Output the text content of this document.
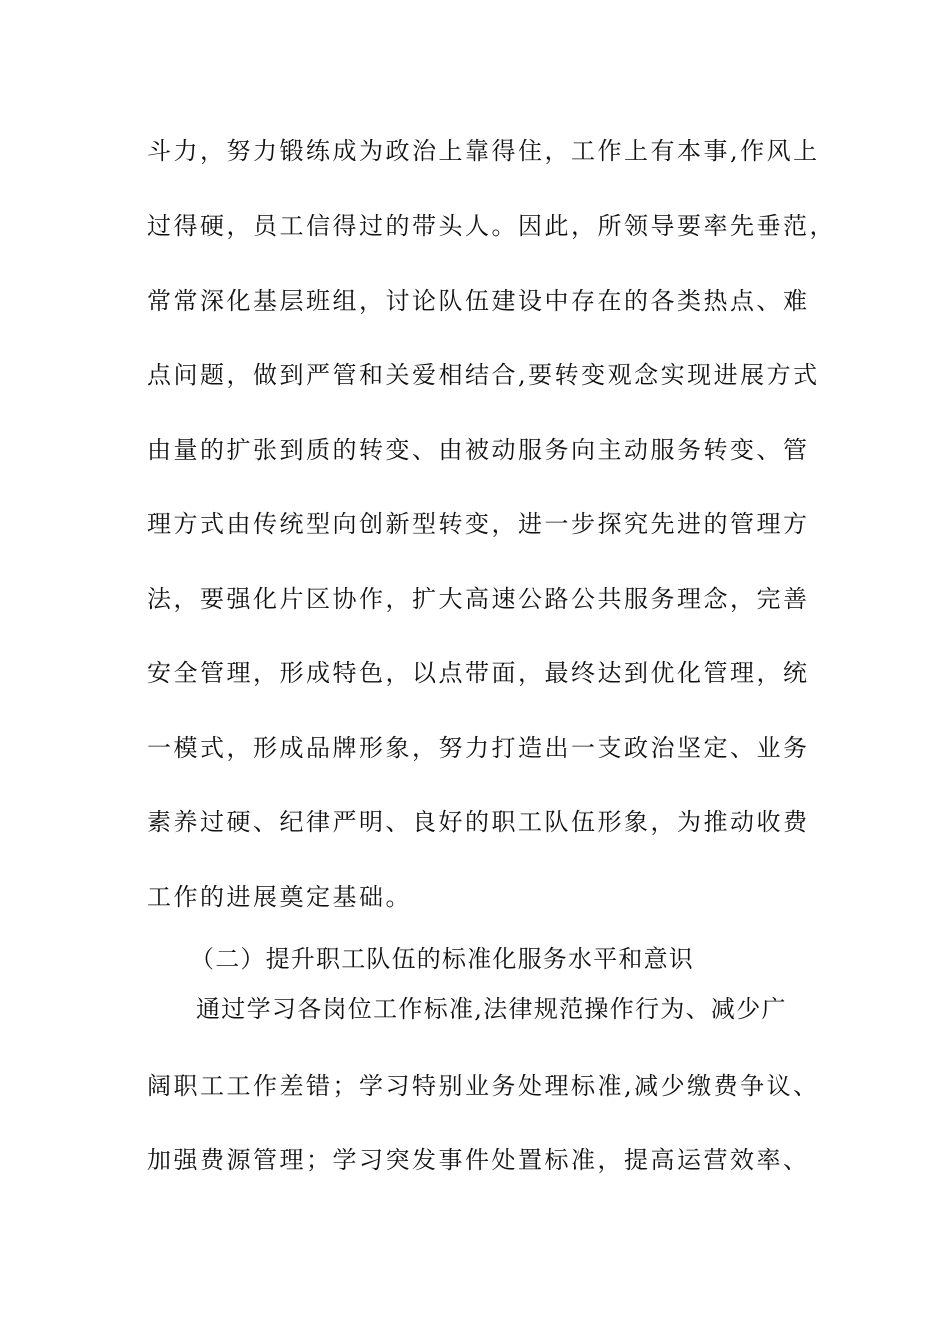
斗力，努力锻练成为政治上靠得住，工作上有本事,作风上
过得硬，员工信得过的带头人。因此，所领导要率先垂范，
常常深化基层班组，讨论队伍建设中存在的各类热点、难
点问题，做到严管和关爱相结合,要转变观念实现进展方式
由量的扩张到质的转变、由被动服务向主动服务转变、管
理方式由传统型向创新型转变，进一步探究先进的管理方
法，要强化片区协作，扩大高速公路公共服务理念，完善
安全管理，形成特色，以点带面，最终达到优化管理，统
一模式，形成品牌形象，努力打造出一支政治坚定、业务
素养过硬、纪律严明、良好的职工队伍形象，为推动收费
工作的进展奠定基础。
（二）提升职工队伍的标准化服务水平和意识
通过学习各岗位工作标准,法律规范操作行为、减少广
阔职工工作差错；学习特别业务处理标准,减少缴费争议、
加强费源管理；学习突发事件处置标准，提高运营效率、
